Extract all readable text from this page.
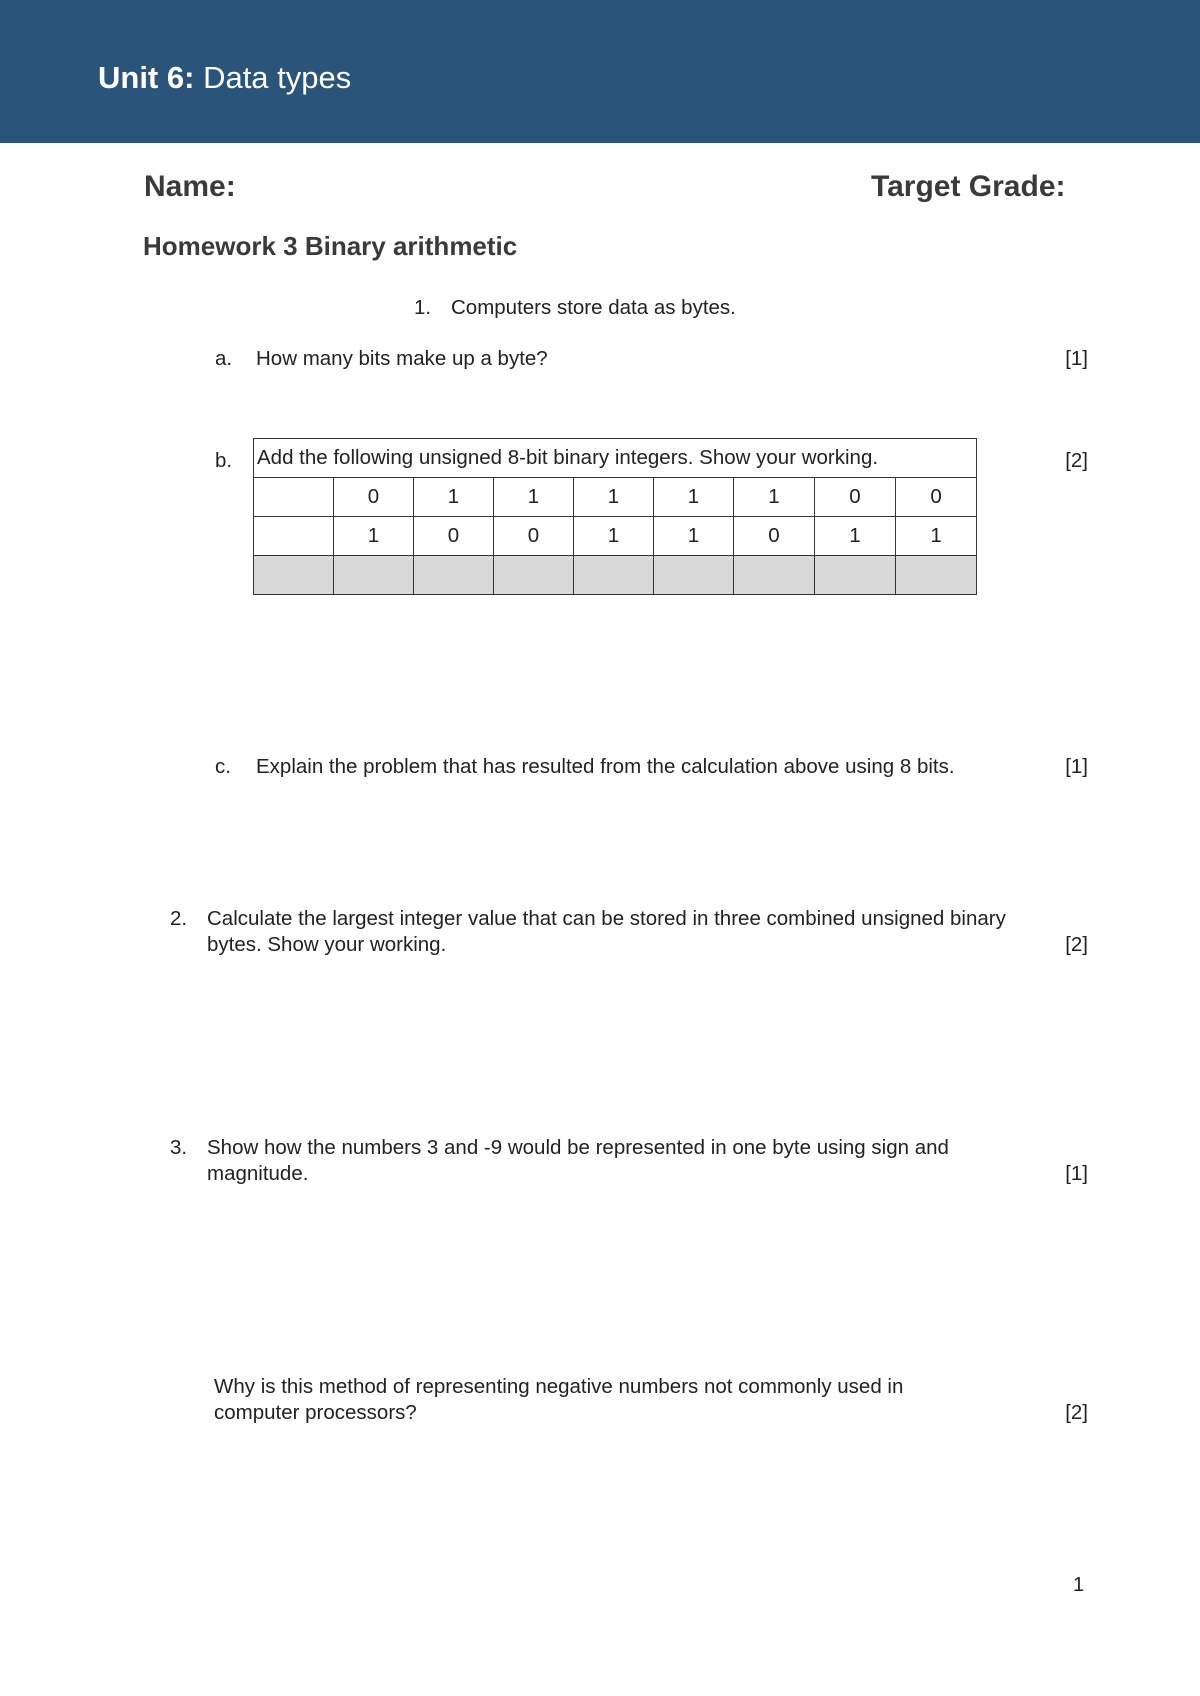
Unit 6: Data types
Name:	Target Grade:
Homework 3 Binary arithmetic
1. Computers store data as bytes.
a. How many bits make up a byte?	[1]
b.	[2]
Add the following unsigned 8-bit binary integers. Show your working.								
	0	1	1	1	1	1	0	0
	1	0	0	1	1	0	1	1

c. Explain the problem that has resulted from the calculation above using 8 bits.	[1]
2. Calculate the largest integer value that can be stored in three combined unsigned binary
bytes. Show your working.	[2]
3. Show how the numbers 3 and -9 would be represented in one byte using sign and
magnitude.	[1]
Why is this method of representing negative numbers not commonly used in
computer processors?	[2]
1
